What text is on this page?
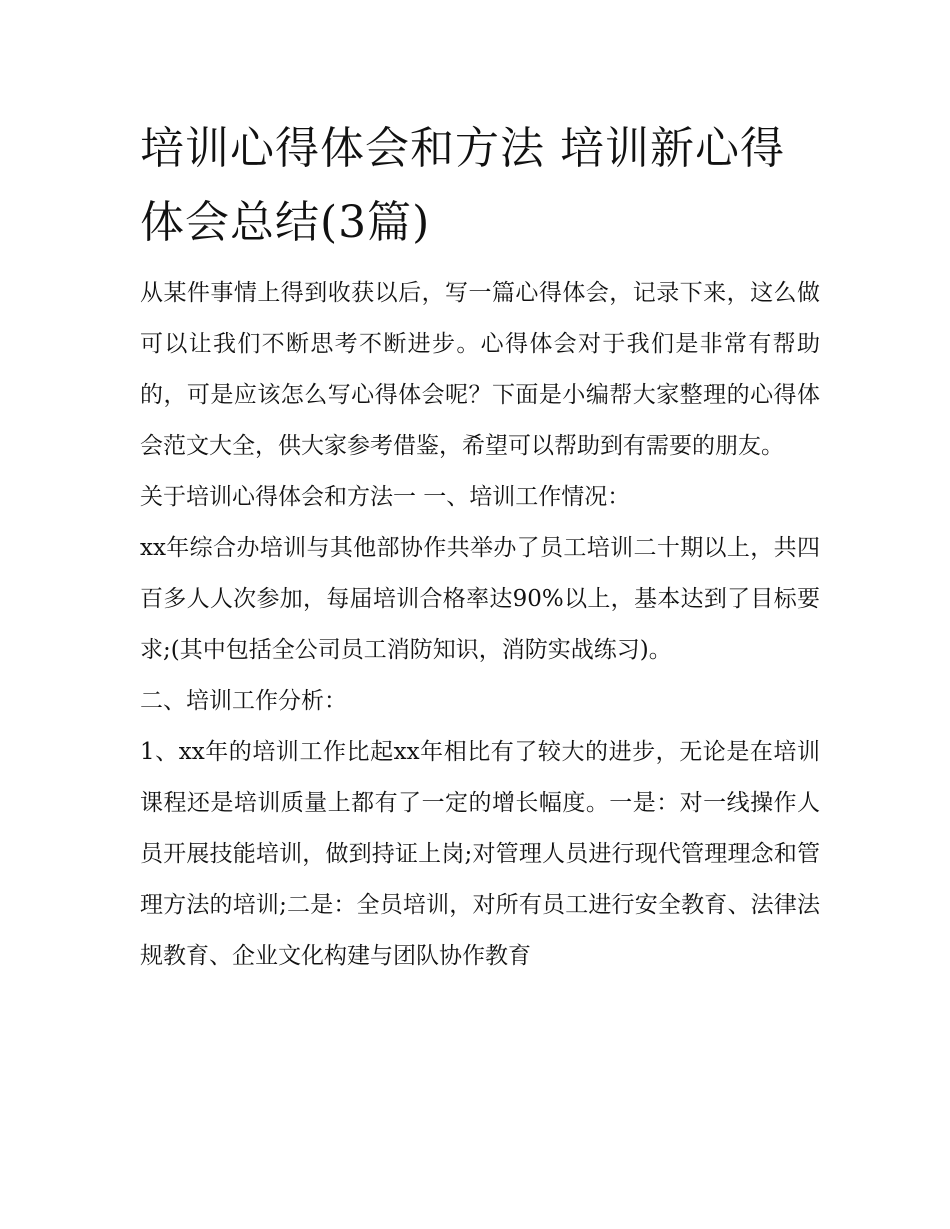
培训心得体会和方法 培训新心得体会总结(3篇)

从某件事情上得到收获以后，写一篇心得体会，记录下来，这么做可以让我们不断思考不断进步。心得体会对于我们是非常有帮助的，可是应该怎么写心得体会呢？下面是小编帮大家整理的心得体会范文大全，供大家参考借鉴，希望可以帮助到有需要的朋友。

关于培训心得体会和方法一 一、培训工作情况：

xx年综合办培训与其他部协作共举办了员工培训二十期以上，共四百多人人次参加，每届培训合格率达90%以上，基本达到了目标要求;(其中包括全公司员工消防知识，消防实战练习)。

二、培训工作分析：

1、xx年的培训工作比起xx年相比有了较大的进步，无论是在培训课程还是培训质量上都有了一定的增长幅度。一是：对一线操作人员开展技能培训，做到持证上岗;对管理人员进行现代管理理念和管理方法的培训;二是：全员培训，对所有员工进行安全教育、法律法规教育、企业文化构建与团队协作教育
